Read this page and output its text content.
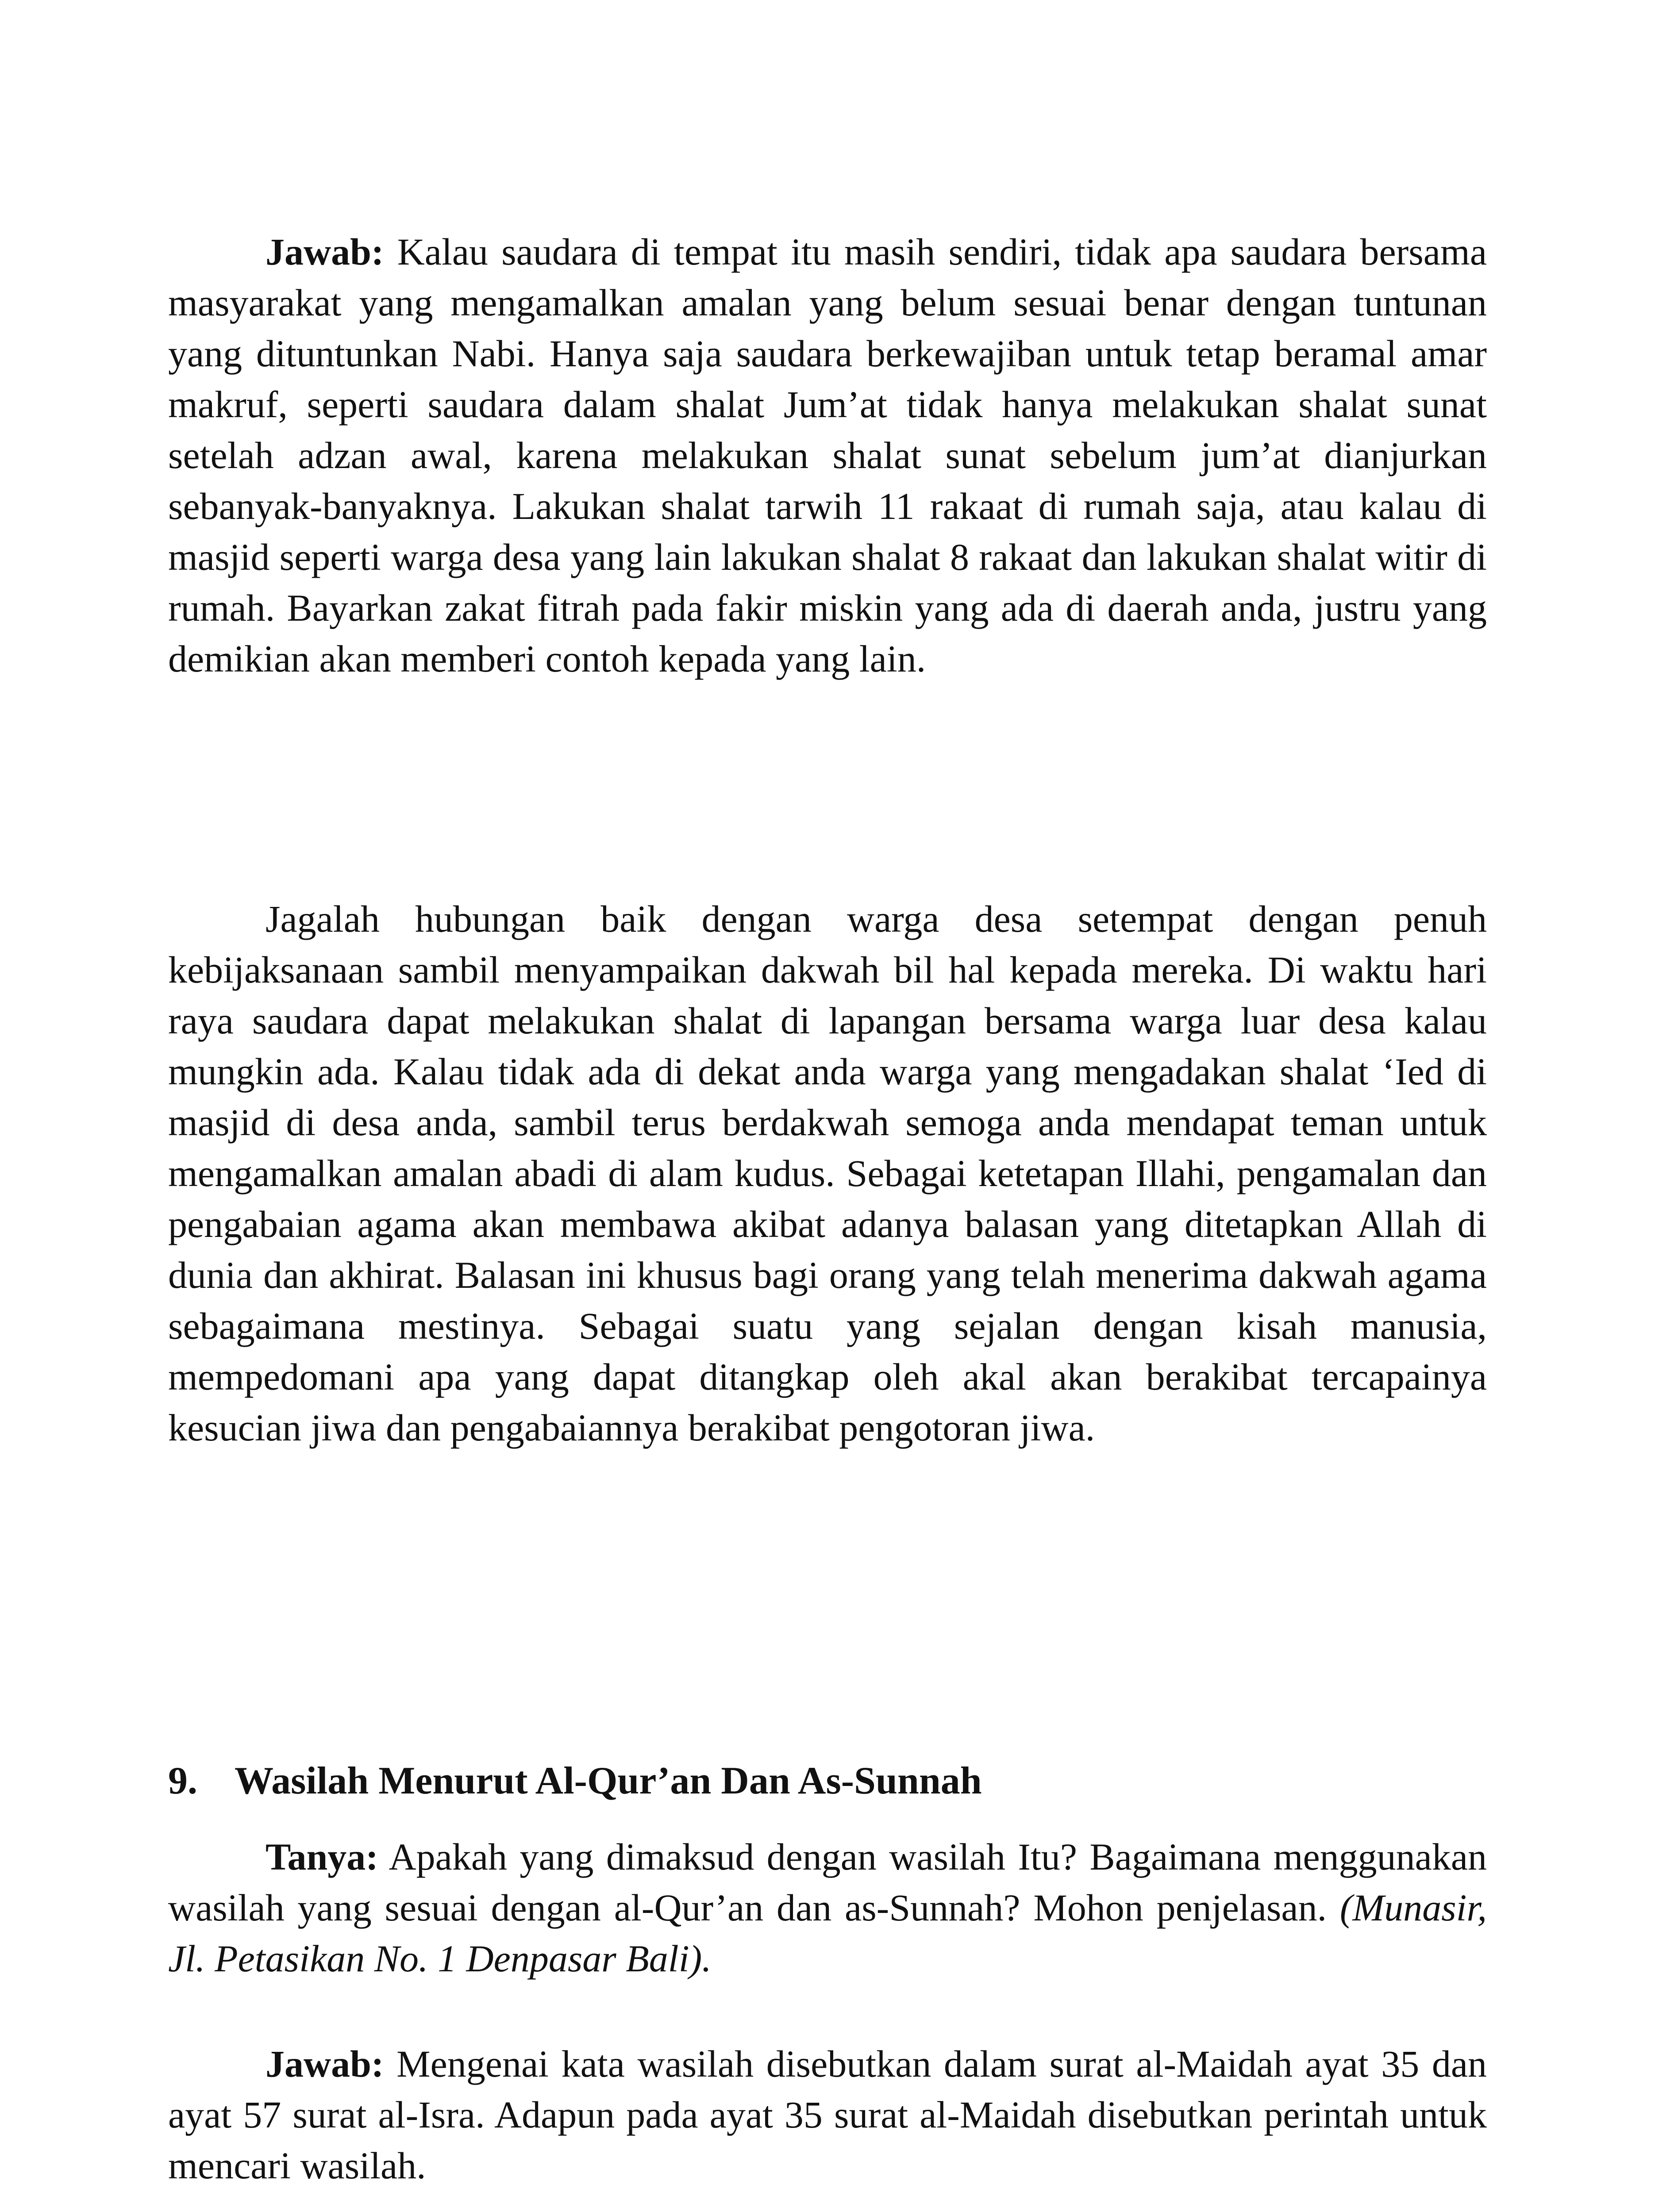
Jawab: Kalau saudara di tempat itu masih sendiri, tidak apa saudara bersama masyarakat yang mengamalkan amalan yang belum sesuai benar dengan tuntunan yang dituntunkan Nabi. Hanya saja saudara berkewajiban untuk tetap beramal amar makruf, seperti saudara dalam shalat Jum’at tidak hanya melakukan shalat sunat setelah adzan awal, karena melakukan shalat sunat sebelum jum’at dianjurkan sebanyak-banyaknya. Lakukan shalat tarwih 11 rakaat di rumah saja, atau kalau di masjid seperti warga desa yang lain lakukan shalat 8 rakaat dan lakukan shalat witir di rumah. Bayarkan zakat fitrah pada fakir miskin yang ada di daerah anda, justru yang demikian akan memberi contoh kepada yang lain.

Jagalah hubungan baik dengan warga desa setempat dengan penuh kebijaksanaan sambil menyampaikan dakwah bil hal kepada mereka. Di waktu hari raya saudara dapat melakukan shalat di lapangan bersama warga luar desa kalau mungkin ada. Kalau tidak ada di dekat anda warga yang mengadakan shalat ‘Ied di masjid di desa anda, sambil terus berdakwah semoga anda mendapat teman untuk mengamalkan amalan abadi di alam kudus. Sebagai ketetapan Illahi, pengamalan dan pengabaian agama akan membawa akibat adanya balasan yang ditetapkan Allah di dunia dan akhirat. Balasan ini khusus bagi orang yang telah menerima dakwah agama sebagaimana mestinya. Sebagai suatu yang sejalan dengan kisah manusia, mempedomani apa yang dapat ditangkap oleh akal akan berakibat tercapainya kesucian jiwa dan pengabaiannya berakibat pengotoran jiwa.

9. Wasilah Menurut Al-Qur’an Dan As-Sunnah

Tanya: Apakah yang dimaksud dengan wasilah Itu? Bagaimana menggunakan wasilah yang sesuai dengan al-Qur’an dan as-Sunnah? Mohon penjelasan. (Munasir, Jl. Petasikan No. 1 Denpasar Bali).

Jawab: Mengenai kata wasilah disebutkan dalam surat al-Maidah ayat 35 dan ayat 57 surat al-Isra. Adapun pada ayat 35 surat al-Maidah disebutkan perintah untuk mencari wasilah.
